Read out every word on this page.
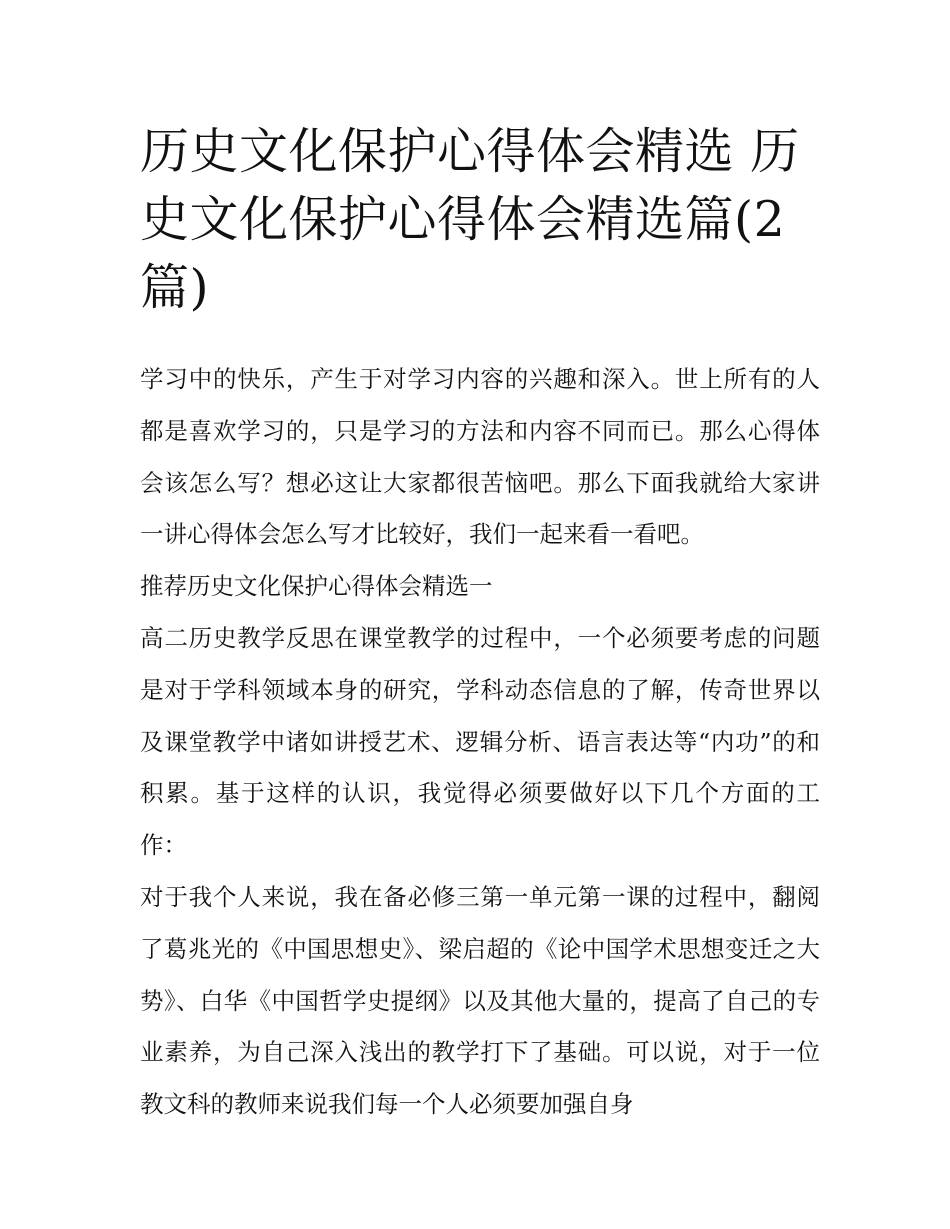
历史文化保护心得体会精选 历史文化保护心得体会精选篇(2篇)

学习中的快乐，产生于对学习内容的兴趣和深入。世上所有的人都是喜欢学习的，只是学习的方法和内容不同而已。那么心得体会该怎么写？想必这让大家都很苦恼吧。那么下面我就给大家讲一讲心得体会怎么写才比较好，我们一起来看一看吧。

推荐历史文化保护心得体会精选一

高二历史教学反思在课堂教学的过程中，一个必须要考虑的问题是对于学科领域本身的研究，学科动态信息的了解，传奇世界以及课堂教学中诸如讲授艺术、逻辑分析、语言表达等“内功”的和积累。基于这样的认识，我觉得必须要做好以下几个方面的工作：

对于我个人来说，我在备必修三第一单元第一课的过程中，翻阅了葛兆光的《中国思想史》、梁启超的《论中国学术思想变迁之大势》、白华《中国哲学史提纲》以及其他大量的，提高了自己的专业素养，为自己深入浅出的教学打下了基础。可以说，对于一位教文科的教师来说我们每一个人必须要加强自身
